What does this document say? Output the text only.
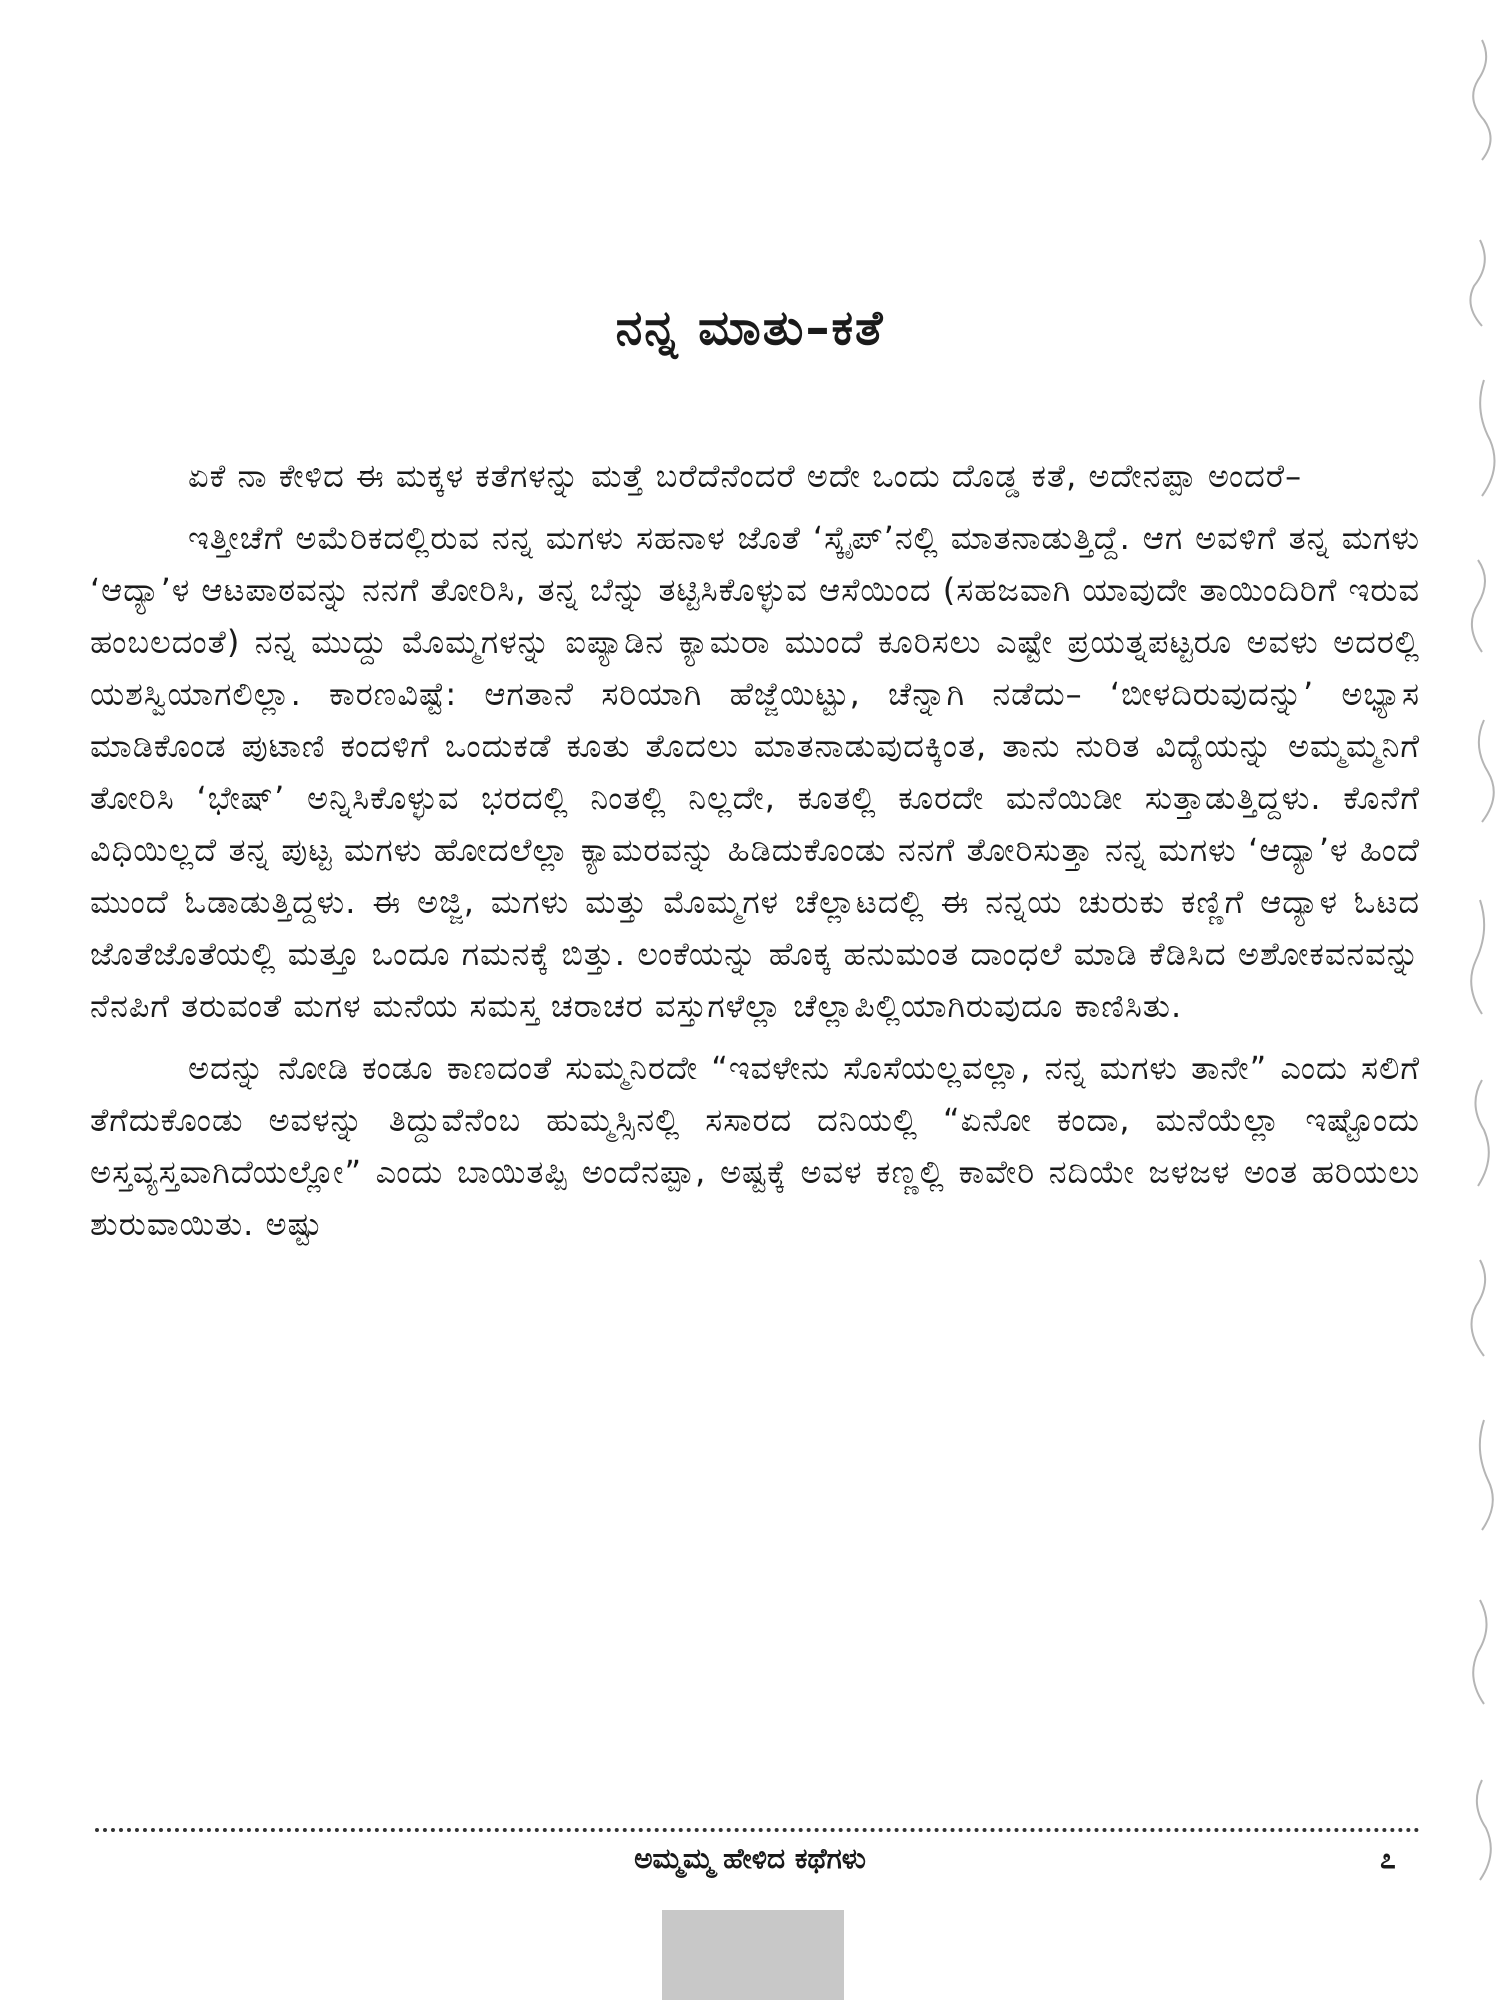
ನನ್ನ ಮಾತು–ಕತೆ

ಏಕೆ ನಾ ಕೇಳಿದ ಈ ಮಕ್ಕಳ ಕತೆಗಳನ್ನು ಮತ್ತೆ ಬರೆದೆನೆಂದರೆ ಅದೇ ಒಂದು ದೊಡ್ಡ ಕತೆ, ಅದೇನಪ್ಪಾ ಅಂದರೆ–

ಇತ್ತೀಚೆಗೆ ಅಮೆರಿಕದಲ್ಲಿರುವ ನನ್ನ ಮಗಳು ಸಹನಾಳ ಜೊತೆ ‘ಸ್ಕೈಪ್’ನಲ್ಲಿ ಮಾತನಾಡುತ್ತಿದ್ದೆ. ಆಗ ಅವಳಿಗೆ ತನ್ನ ಮಗಳು ‘ಆದ್ಯಾ’ಳ ಆಟಪಾಠವನ್ನು ನನಗೆ ತೋರಿಸಿ, ತನ್ನ ಬೆನ್ನು ತಟ್ಟಿಸಿಕೊಳ್ಳುವ ಆಸೆಯಿಂದ (ಸಹಜವಾಗಿ ಯಾವುದೇ ತಾಯಿಂದಿರಿಗೆ ಇರುವ ಹಂಬಲದಂತೆ) ನನ್ನ ಮುದ್ದು ಮೊಮ್ಮಗಳನ್ನು ಐಪ್ಯಾಡಿನ ಕ್ಯಾಮರಾ ಮುಂದೆ ಕೂರಿಸಲು ಎಷ್ಟೇ ಪ್ರಯತ್ನಪಟ್ಟರೂ ಅವಳು ಅದರಲ್ಲಿ ಯಶಸ್ವಿಯಾಗಲಿಲ್ಲಾ. ಕಾರಣವಿಷ್ಟೆ: ಆಗತಾನೆ ಸರಿಯಾಗಿ ಹೆಜ್ಜೆಯಿಟ್ಟು, ಚೆನ್ನಾಗಿ ನಡೆದು– ‘ಬೀಳದಿರುವುದನ್ನು’ ಅಭ್ಯಾಸ ಮಾಡಿಕೊಂಡ ಪುಟಾಣಿ ಕಂದಳಿಗೆ ಒಂದುಕಡೆ ಕೂತು ತೊದಲು ಮಾತನಾಡುವುದಕ್ಕಿಂತ, ತಾನು ನುರಿತ ವಿದ್ಯೆಯನ್ನು ಅಮ್ಮಮ್ಮನಿಗೆ ತೋರಿಸಿ ‘ಭೇಷ್’ ಅನ್ನಿಸಿಕೊಳ್ಳುವ ಭರದಲ್ಲಿ ನಿಂತಲ್ಲಿ ನಿಲ್ಲದೇ, ಕೂತಲ್ಲಿ ಕೂರದೇ ಮನೆಯಿಡೀ ಸುತ್ತಾಡುತ್ತಿದ್ದಳು. ಕೊನೆಗೆ ವಿಧಿಯಿಲ್ಲದೆ ತನ್ನ ಪುಟ್ಟ ಮಗಳು ಹೋದಲೆಲ್ಲಾ ಕ್ಯಾಮರವನ್ನು ಹಿಡಿದುಕೊಂಡು ನನಗೆ ತೋರಿಸುತ್ತಾ ನನ್ನ ಮಗಳು ‘ಆದ್ಯಾ’ಳ ಹಿಂದೆ ಮುಂದೆ ಓಡಾಡುತ್ತಿದ್ದಳು. ಈ ಅಜ್ಜಿ, ಮಗಳು ಮತ್ತು ಮೊಮ್ಮಗಳ ಚೆಲ್ಲಾಟದಲ್ಲಿ ಈ ನನ್ನಯ ಚುರುಕು ಕಣ್ಣಿಗೆ ಆದ್ಯಾಳ ಓಟದ ಜೊತೆಜೊತೆಯಲ್ಲಿ ಮತ್ತೂ ಒಂದೂ ಗಮನಕ್ಕೆ ಬಿತ್ತು. ಲಂಕೆಯನ್ನು ಹೊಕ್ಕ ಹನುಮಂತ ದಾಂಧಲೆ ಮಾಡಿ ಕೆಡಿಸಿದ ಅಶೋಕವನವನ್ನು ನೆನಪಿಗೆ ತರುವಂತೆ ಮಗಳ ಮನೆಯ ಸಮಸ್ತ ಚರಾಚರ ವಸ್ತುಗಳೆಲ್ಲಾ ಚೆಲ್ಲಾಪಿಲ್ಲಿಯಾಗಿರುವುದೂ ಕಾಣಿಸಿತು.

ಅದನ್ನು ನೋಡಿ ಕಂಡೂ ಕಾಣದಂತೆ ಸುಮ್ಮನಿರದೇ “ಇವಳೇನು ಸೊಸೆಯಲ್ಲವಲ್ಲಾ, ನನ್ನ ಮಗಳು ತಾನೇ” ಎಂದು ಸಲಿಗೆ ತೆಗೆದುಕೊಂಡು ಅವಳನ್ನು ತಿದ್ದುವೆನೆಂಬ ಹುಮ್ಮಸ್ಸಿನಲ್ಲಿ ಸಸಾರದ ದನಿಯಲ್ಲಿ “ಏನೋ ಕಂದಾ, ಮನೆಯೆಲ್ಲಾ ಇಷ್ಟೊಂದು ಅಸ್ತವ್ಯಸ್ತವಾಗಿದೆಯಲ್ಲೋ” ಎಂದು ಬಾಯಿತಪ್ಪಿ ಅಂದೆನಪ್ಪಾ, ಅಷ್ಟಕ್ಕೆ ಅವಳ ಕಣ್ಣಲ್ಲಿ ಕಾವೇರಿ ನದಿಯೇ ಜಳಜಳ ಅಂತ ಹರಿಯಲು ಶುರುವಾಯಿತು. ಅಷ್ಟು

ಅಮ್ಮಮ್ಮ ಹೇಳಿದ ಕಥೆಗಳು	೭
